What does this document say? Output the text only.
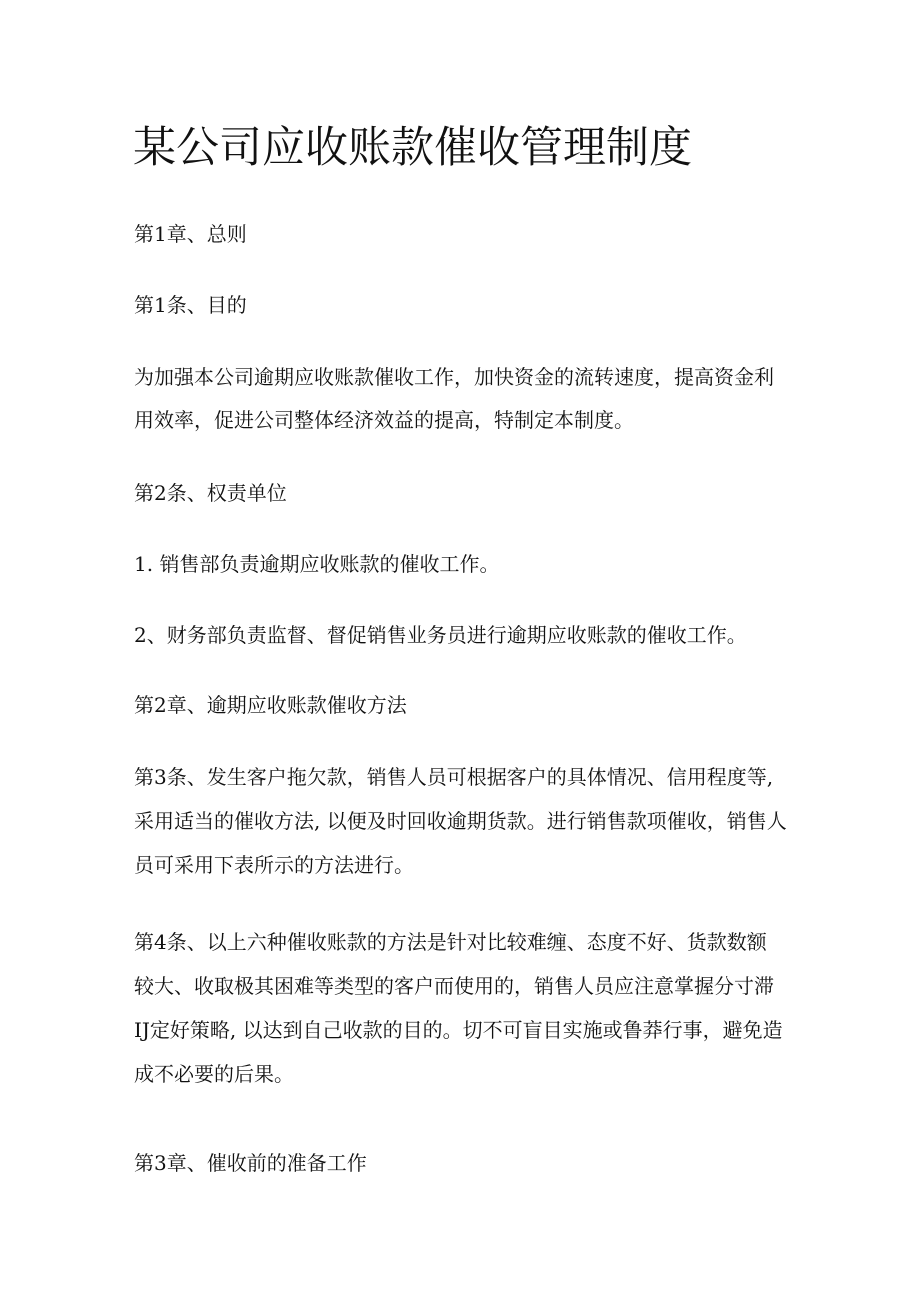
某公司应收账款催收管理制度

第1章、总则

第1条、目的

为加强本公司逾期应收账款催收工作，加快资金的流转速度，提高资金利

用效率，促进公司整体经济效益的提高，特制定本制度。

第2条、权责单位

1. 销售部负责逾期应收账款的催收工作。

2、财务部负责监督、督促销售业务员进行逾期应收账款的催收工作。

第2章、逾期应收账款催收方法

第3条、发生客户拖欠款，销售人员可根据客户的具体情况、信用程度等,

采用适当的催收方法, 以便及时回收逾期货款。进行销售款项催收，销售人

员可采用下表所示的方法进行。

第4条、以上六种催收账款的方法是针对比较难缠、态度不好、货款数额

较大、收取极其困难等类型的客户而使用的，销售人员应注意掌握分寸滞

IJ定好策略, 以达到自己收款的目的。切不可盲目实施或鲁莽行事，避免造

成不必要的后果。

第3章、催收前的准备工作
